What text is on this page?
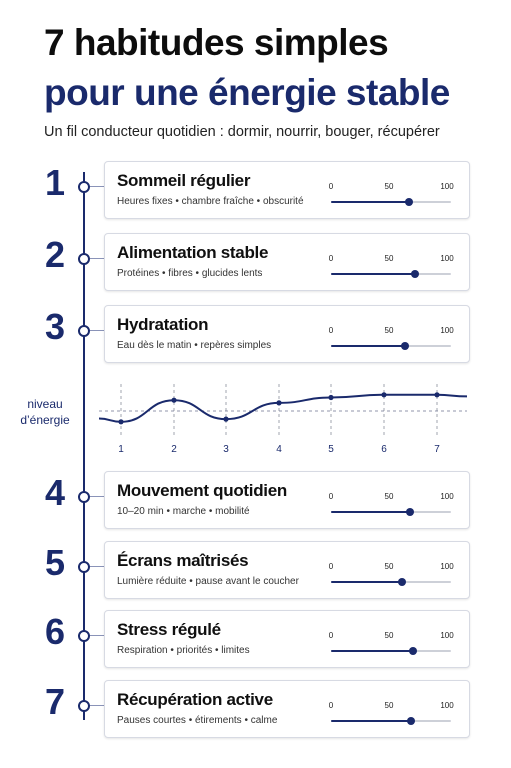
7 habitudes simples
pour une énergie stable
Un fil conducteur quotidien : dormir, nourrir, bouger, récupérer
1	Sommeil régulier
Heures fixes • chambre fraîche • obscurité
0	50	100
2	Alimentation stable
Protéines • fibres • glucides lents
0	50	100
3	Hydratation
Eau dès le matin • repères simples
0	50	100
4	Mouvement quotidien
10–20 min • marche • mobilité
0	50	100
5	Écrans maîtrisés
Lumière réduite • pause avant le coucher
0	50	100
6	Stress régulé
Respiration • priorités • limites
0	50	100
7	Récupération active
Pauses courtes • étirements • calme
0	50	100
niveau d’énergie
1	2	3	4	5	6	7
